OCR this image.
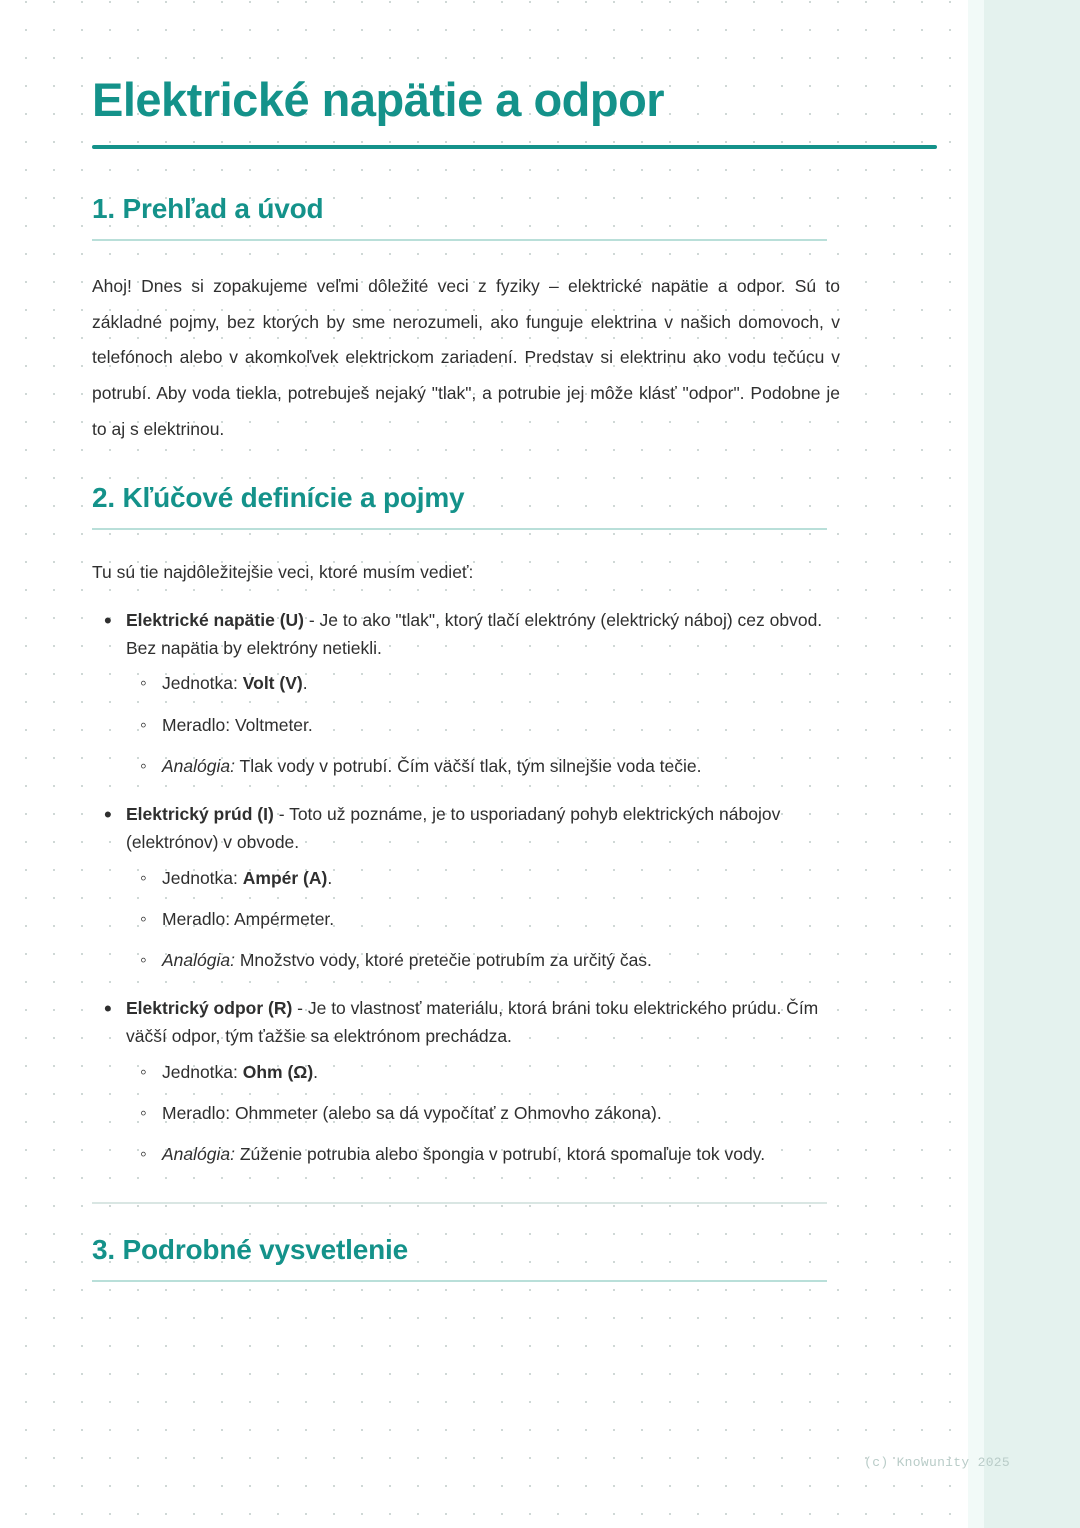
Elektrické napätie a odpor
1. Prehľad a úvod

Ahoj! Dnes si zopakujeme veľmi dôležité veci z fyziky – elektrické napätie a odpor. Sú to základné pojmy, bez ktorých by sme nerozumeli, ako funguje elektrina v našich domovoch, v telefónoch alebo v akomkoľvek elektrickom zariadení. Predstav si elektrinu ako vodu tečúcu v potrubí. Aby voda tiekla, potrebuješ nejaký "tlak", a potrubie jej môže klásť "odpor". Podobne je to aj s elektrinou.

2. Kľúčové definície a pojmy

Tu sú tie najdôležitejšie veci, ktoré musím vedieť:

• Elektrické napätie (U) - Je to ako "tlak", ktorý tlačí elektróny (elektrický náboj) cez obvod. Bez napätia by elektróny netiekli.
◦ Jednotka: Volt (V).
◦ Meradlo: Voltmeter.
◦ Analógia: Tlak vody v potrubí. Čím väčší tlak, tým silnejšie voda tečie.
• Elektrický prúd (I) - Toto už poznáme, je to usporiadaný pohyb elektrických nábojov (elektrónov) v obvode.
◦ Jednotka: Ampér (A).
◦ Meradlo: Ampérmeter.
◦ Analógia: Množstvo vody, ktoré pretečie potrubím za určitý čas.
• Elektrický odpor (R) - Je to vlastnosť materiálu, ktorá bráni toku elektrického prúdu. Čím väčší odpor, tým ťažšie sa elektrónom prechádza.
◦ Jednotka: Ohm (Ω).
◦ Meradlo: Ohmmeter (alebo sa dá vypočítať z Ohmovho zákona).
◦ Analógia: Zúženie potrubia alebo špongia v potrubí, ktorá spomaľuje tok vody.
3. Podrobné vysvetlenie
(c) Knowunity 2025
